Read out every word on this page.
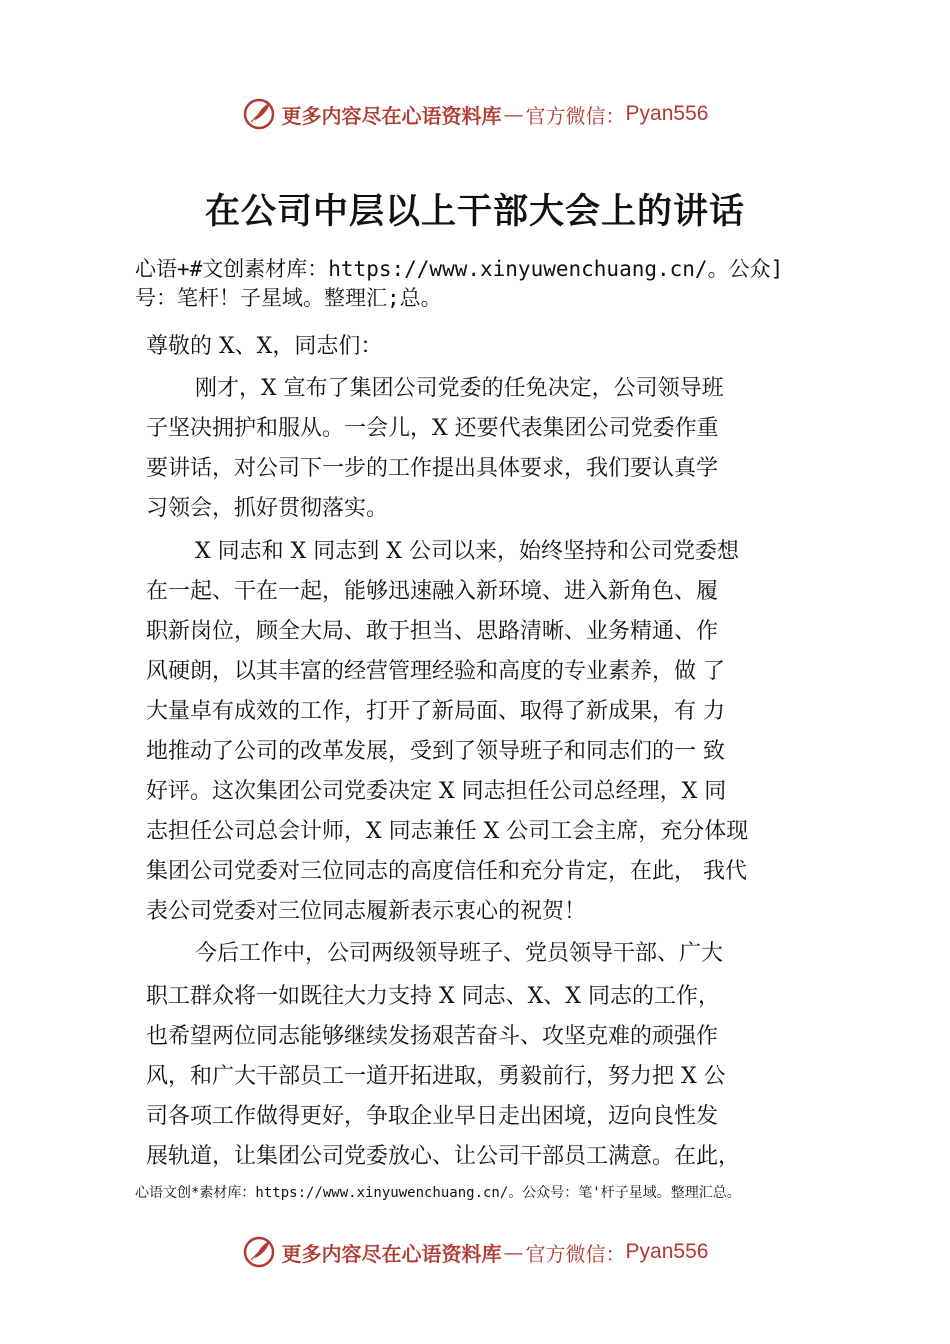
更多内容尽在心语资料库 — 官方微信： Pyan556
在公司中层以上干部大会上的讲话
心语+#文创素材库：https://www.xinyuwenchuang.cn/。公众]
号：笔杆！子星域。整理汇;总。
尊敬的 X、X，同志们：
刚才，X 宣布了集团公司党委的任免决定，公司领导班
子坚决拥护和服从。一会儿，X 还要代表集团公司党委作重
要讲话，对公司下一步的工作提出具体要求，我们要认真学
习领会，抓好贯彻落实。
X 同志和 X 同志到 X 公司以来，始终坚持和公司党委想
在一起、干在一起，能够迅速融入新环境、进入新角色、履
职新岗位，顾全大局、敢于担当、思路清晰、业务精通、作
风硬朗，以其丰富的经营管理经验和高度的专业素养，做 了
大量卓有成效的工作，打开了新局面、取得了新成果，有 力
地推动了公司的改革发展，受到了领导班子和同志们的一 致
好评。这次集团公司党委决定 X 同志担任公司总经理，X 同
志担任公司总会计师，X 同志兼任 X 公司工会主席，充分体现
集团公司党委对三位同志的高度信任和充分肯定，在此， 我代
表公司党委对三位同志履新表示衷心的祝贺！
今后工作中，公司两级领导班子、党员领导干部、广大
职工群众将一如既往大力支持 X 同志、X、X 同志的工作，
也希望两位同志能够继续发扬艰苦奋斗、攻坚克难的顽强作
风，和广大干部员工一道开拓进取，勇毅前行，努力把 X 公
司各项工作做得更好，争取企业早日走出困境，迈向良性发
展轨道，让集团公司党委放心、让公司干部员工满意。在此，
心语文创*素材库：https://www.xinyuwenchuang.cn/。公众号：笔'杆子星域。整理汇总。
更多内容尽在心语资料库 — 官方微信： Pyan556
